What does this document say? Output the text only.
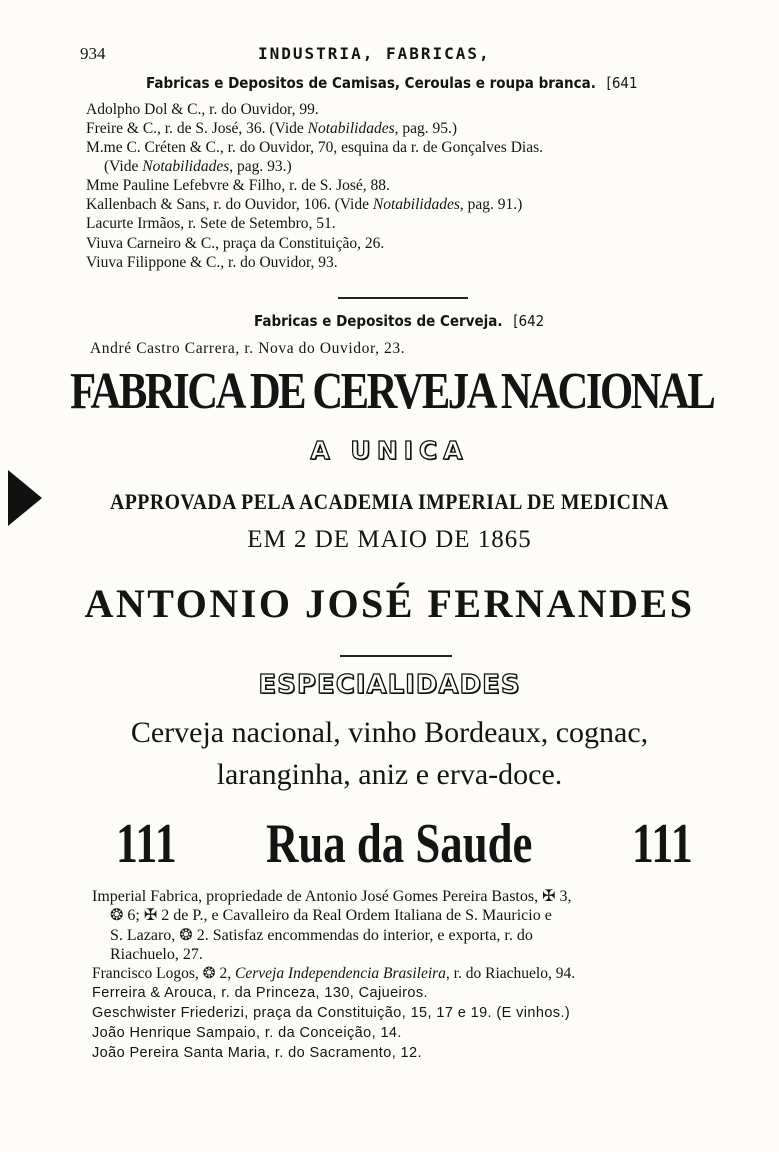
934	INDUSTRIA, FABRICAS,
Fabricas e Depositos de Camisas, Ceroulas e roupa branca. [641
Adolpho Dol & C., r. do Ouvidor, 99.
Freire & C., r. de S. José, 36. (Vide Notabilidades, pag. 95.)
M.me C. Créten & C., r. do Ouvidor, 70, esquina da r. de Gonçalves Dias.
(Vide Notabilidades, pag. 93.)
Mme Pauline Lefebvre & Filho, r. de S. José, 88.
Kallenbach & Sans, r. do Ouvidor, 106. (Vide Notabilidades, pag. 91.)
Lacurte Irmãos, r. Sete de Setembro, 51.
Viuva Carneiro & C., praça da Constituição, 26.
Viuva Filippone & C., r. do Ouvidor, 93.
Fabricas e Depositos de Cerveja. [642
André Castro Carrera, r. Nova do Ouvidor, 23.
FABRICA DE CERVEJA NACIONAL
A UNICA
APPROVADA PELA ACADEMIA IMPERIAL DE MEDICINA
EM 2 DE MAIO DE 1865
ANTONIO JOSÉ FERNANDES
ESPECIALIDADES
Cerveja nacional, vinho Bordeaux, cognac,
laranginha, aniz e erva-doce.
111 Rua da Saude 111
Imperial Fabrica, propriedade de Antonio José Gomes Pereira Bastos, ✠ 3,
❂ 6; ✠ 2 de P., e Cavalleiro da Real Ordem Italiana de S. Mauricio e
S. Lazaro, ❂ 2. Satisfaz encommendas do interior, e exporta, r. do
Riachuelo, 27.
Francisco Logos, ❂ 2, Cerveja Independencia Brasileira, r. do Riachuelo, 94.
Ferreira & Arouca, r. da Princeza, 130, Cajueiros.
Geschwister Friederizi, praça da Constituição, 15, 17 e 19. (E vinhos.)
João Henrique Sampaio, r. da Conceição, 14.
João Pereira Santa Maria, r. do Sacramento, 12.
